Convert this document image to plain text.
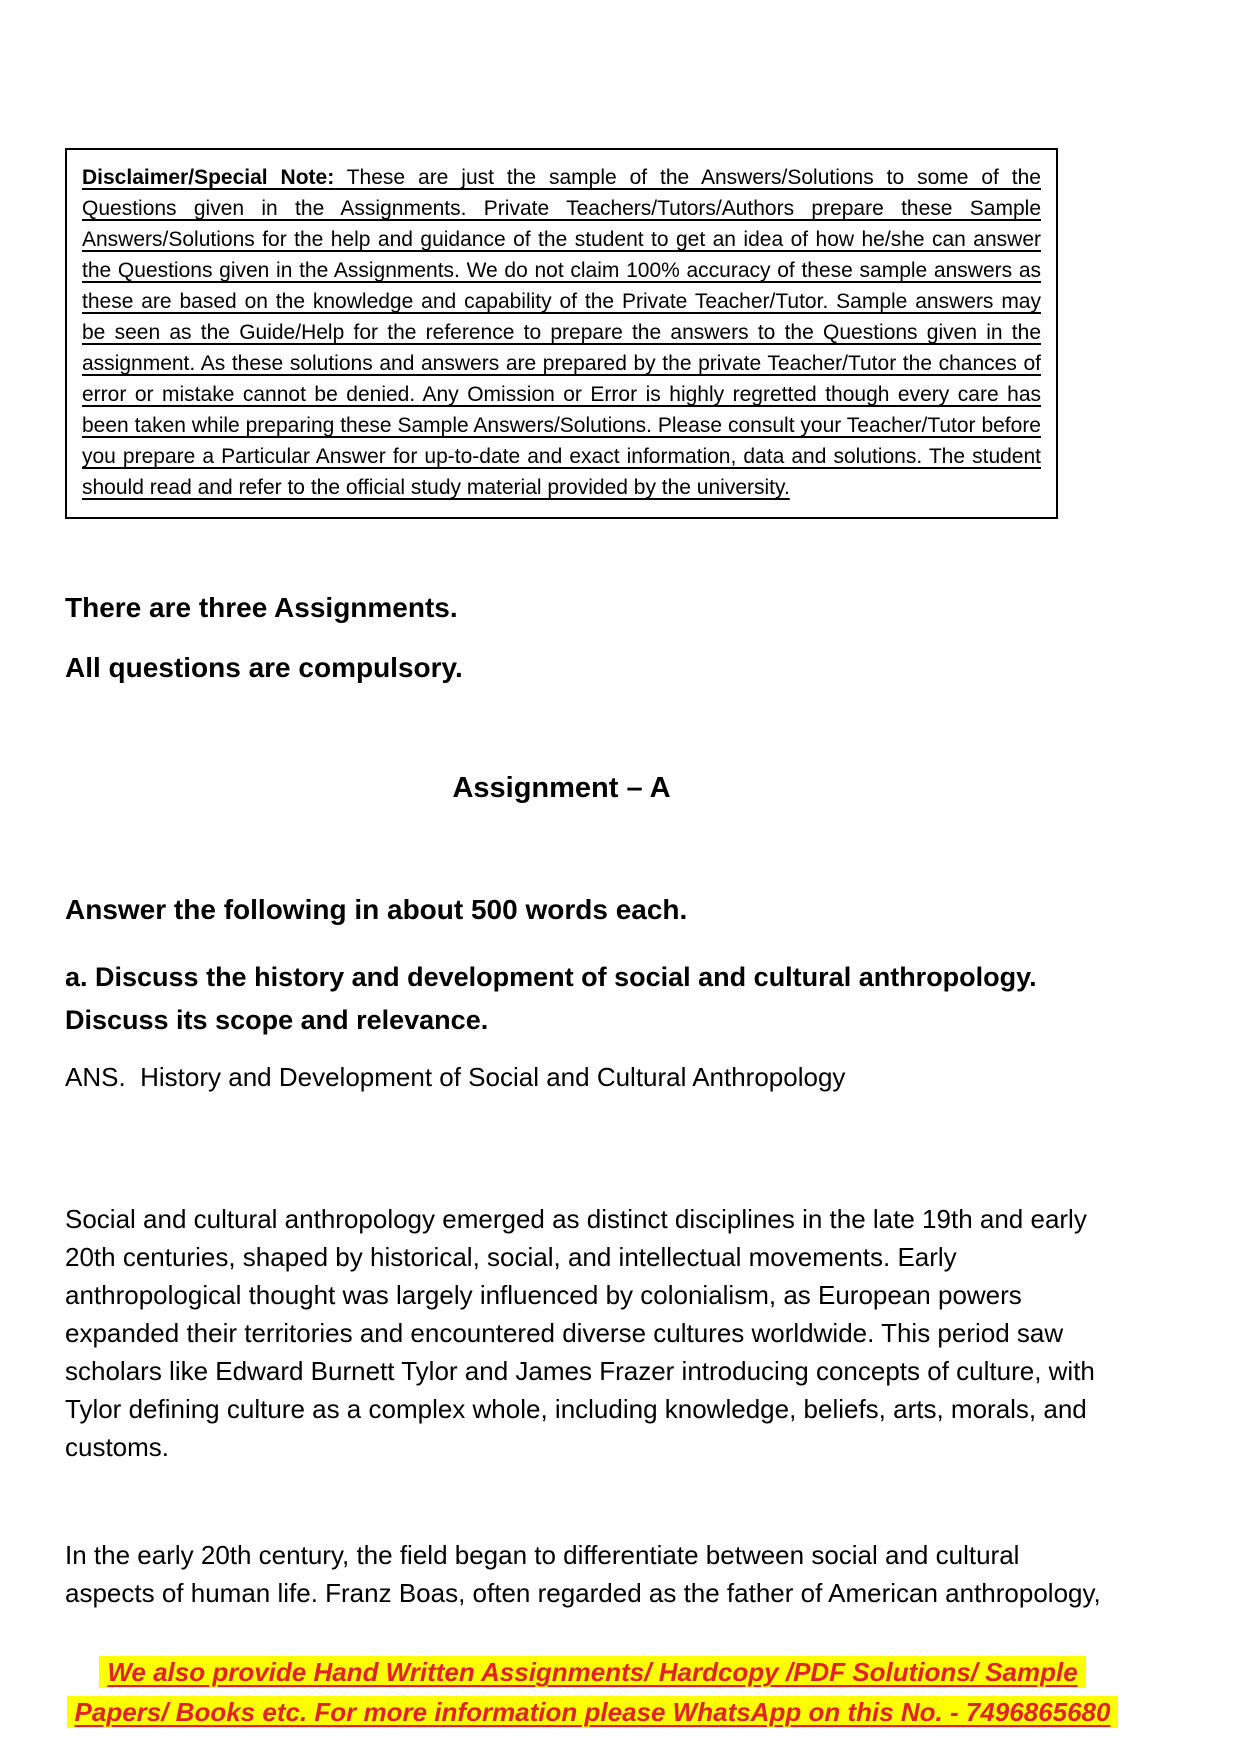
Disclaimer/Special Note: These are just the sample of the Answers/Solutions to some of the Questions given in the Assignments. Private Teachers/Tutors/Authors prepare these Sample Answers/Solutions for the help and guidance of the student to get an idea of how he/she can answer the Questions given in the Assignments. We do not claim 100% accuracy of these sample answers as these are based on the knowledge and capability of the Private Teacher/Tutor. Sample answers may be seen as the Guide/Help for the reference to prepare the answers to the Questions given in the assignment. As these solutions and answers are prepared by the private Teacher/Tutor the chances of error or mistake cannot be denied. Any Omission or Error is highly regretted though every care has been taken while preparing these Sample Answers/Solutions. Please consult your Teacher/Tutor before you prepare a Particular Answer for up-to-date and exact information, data and solutions. The student should read and refer to the official study material provided by the university.
There are three Assignments.
All questions are compulsory.
Assignment – A
Answer the following in about 500 words each.
a. Discuss the history and development of social and cultural anthropology. Discuss its scope and relevance.
ANS.  History and Development of Social and Cultural Anthropology

Social and cultural anthropology emerged as distinct disciplines in the late 19th and early 20th centuries, shaped by historical, social, and intellectual movements. Early anthropological thought was largely influenced by colonialism, as European powers expanded their territories and encountered diverse cultures worldwide. This period saw scholars like Edward Burnett Tylor and James Frazer introducing concepts of culture, with Tylor defining culture as a complex whole, including knowledge, beliefs, arts, morals, and customs.

In the early 20th century, the field began to differentiate between social and cultural aspects of human life. Franz Boas, often regarded as the father of American anthropology,

We also provide Hand Written Assignments/ Hardcopy /PDF Solutions/ Sample Papers/ Books etc. For more information please WhatsApp on this No. - 7496865680
